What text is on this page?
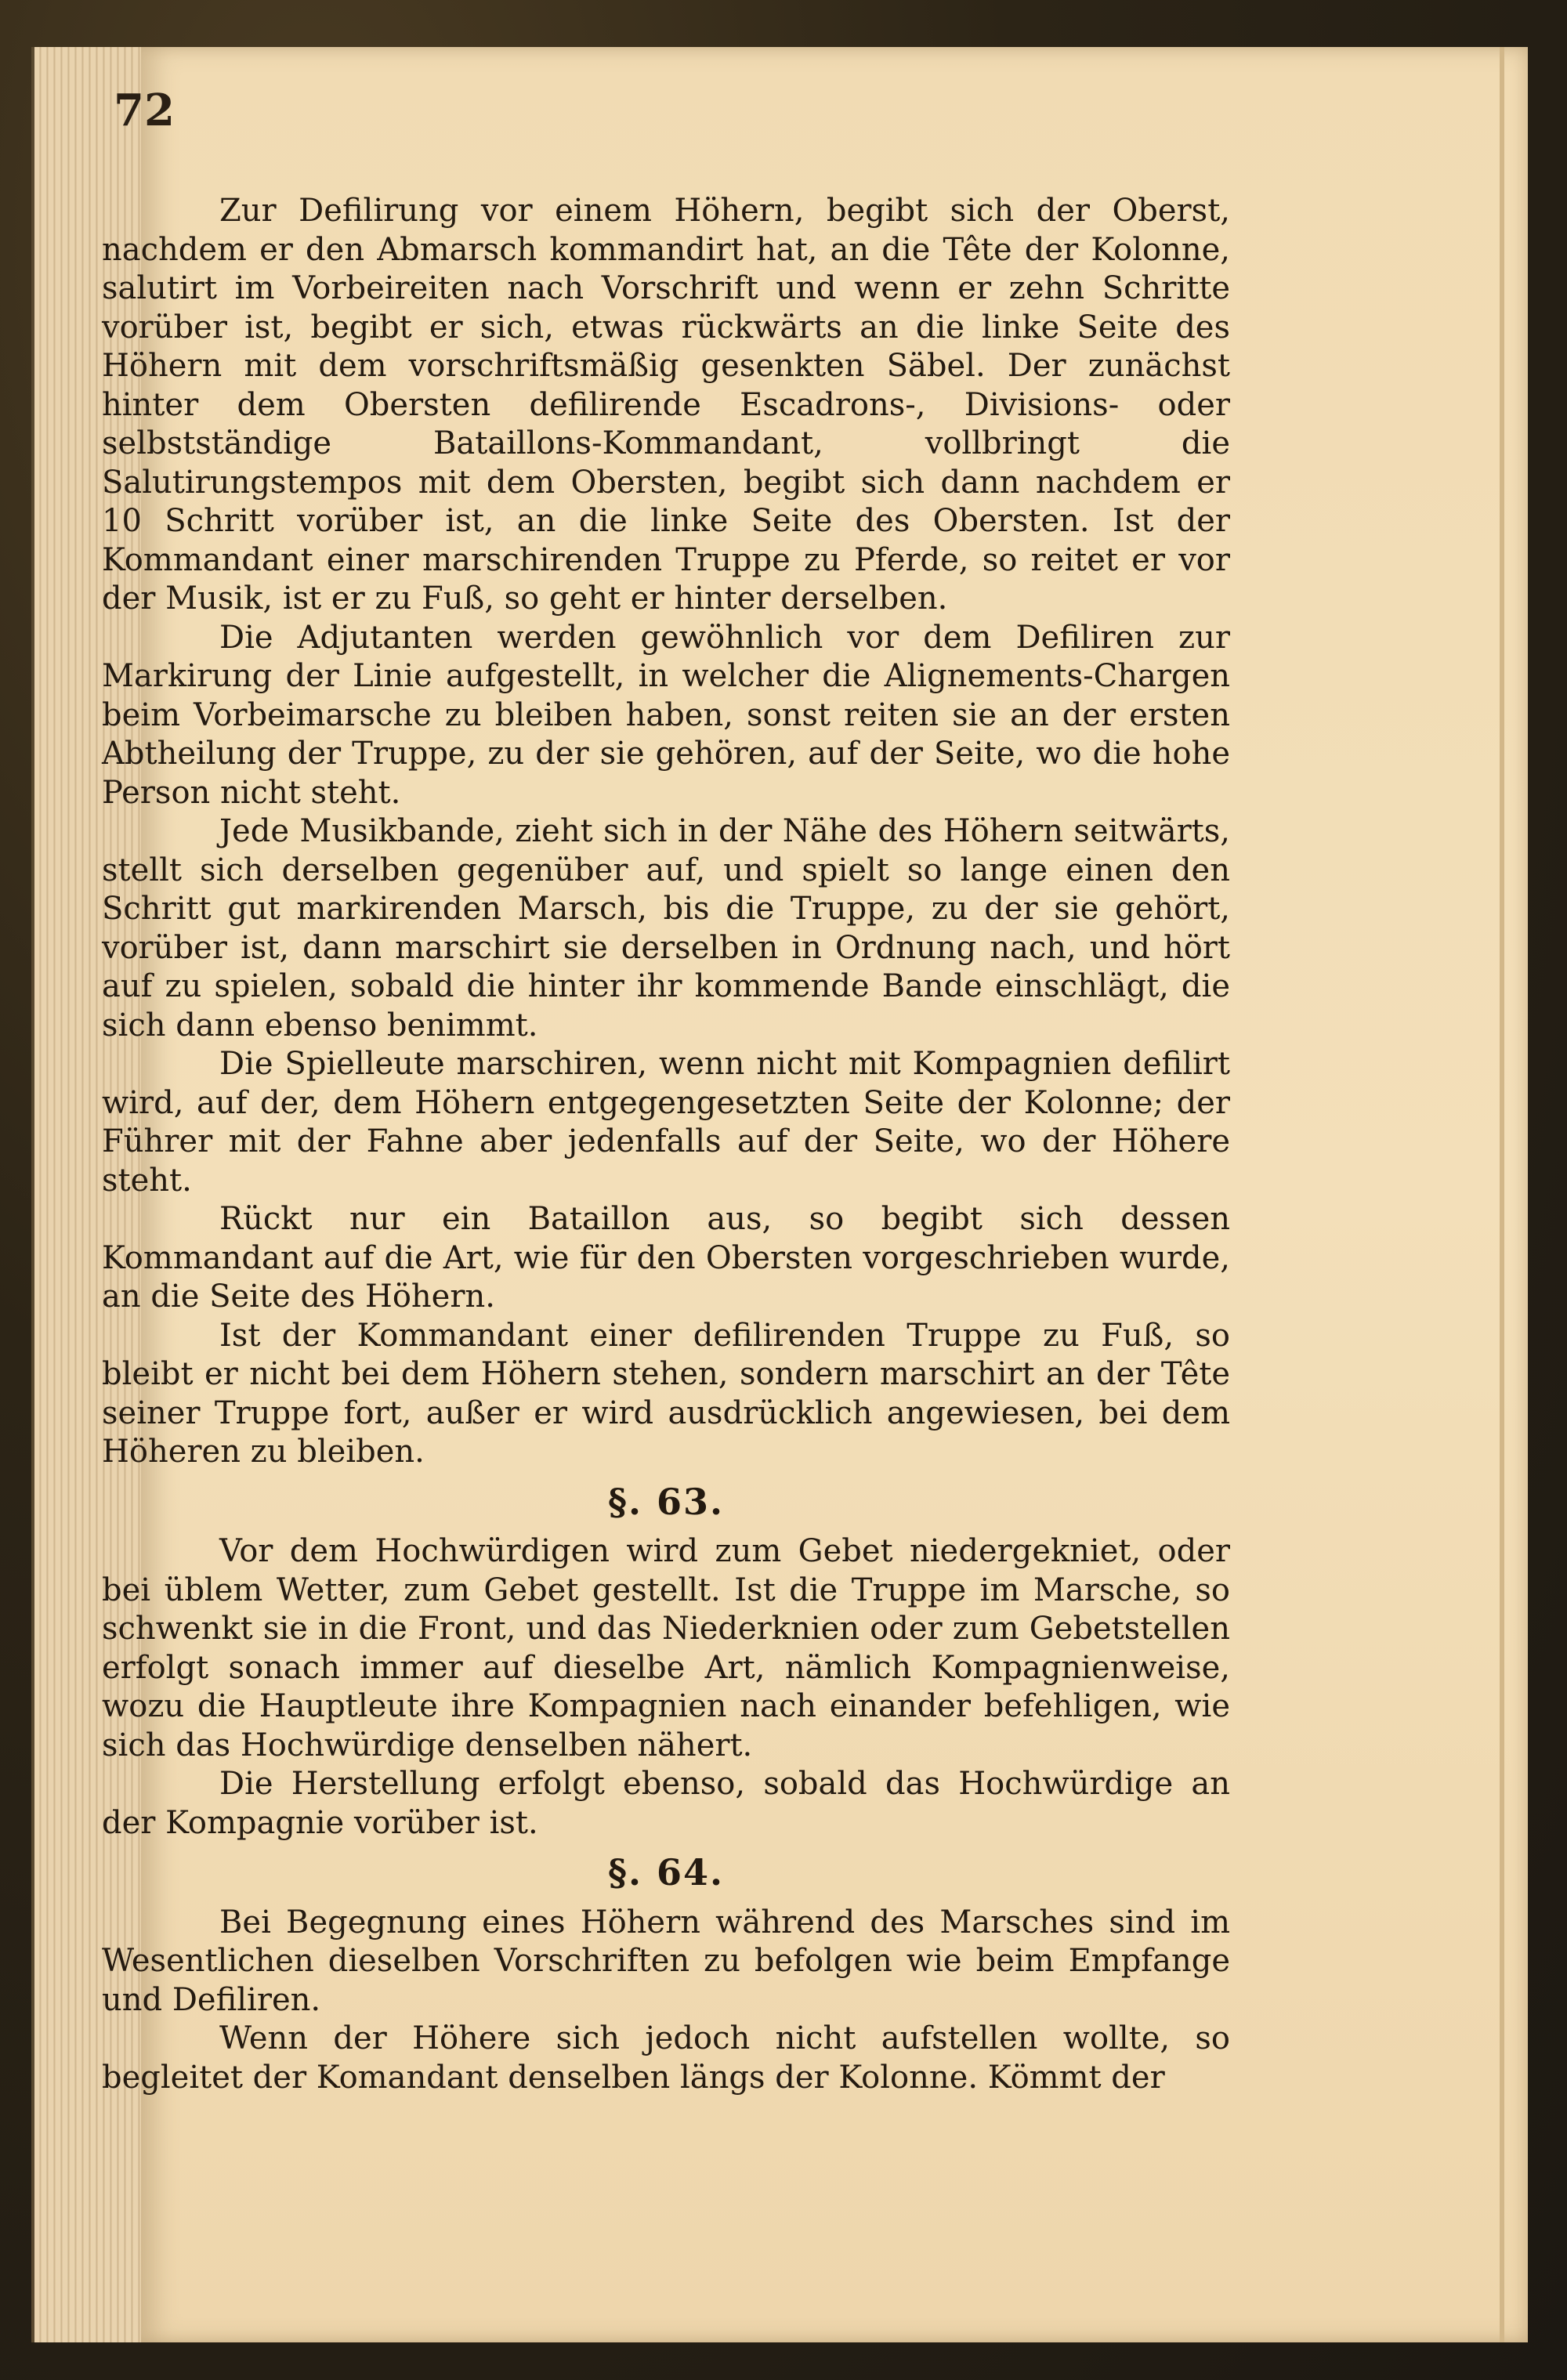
72

Zur Defilirung vor einem Höhern, begibt sich der Oberst, nachdem er den Abmarsch kommandirt hat, an die Tête der Kolonne, salutirt im Vorbeireiten nach Vorschrift und wenn er zehn Schritte vorüber ist, begibt er sich, etwas rückwärts an die linke Seite des Höhern mit dem vorschriftsmäßig gesenkten Säbel. Der zunächst hinter dem Obersten defilirende Escadrons-, Divisions- oder selbstständige Bataillons-Kommandant, vollbringt die Salutirungstempos mit dem Obersten, begibt sich dann nachdem er 10 Schritt vorüber ist, an die linke Seite des Obersten. Ist der Kommandant einer marschirenden Truppe zu Pferde, so reitet er vor der Musik, ist er zu Fuß, so geht er hinter derselben.

Die Adjutanten werden gewöhnlich vor dem Defiliren zur Markirung der Linie aufgestellt, in welcher die Alignements-Chargen beim Vorbeimarsche zu bleiben haben, sonst reiten sie an der ersten Abtheilung der Truppe, zu der sie gehören, auf der Seite, wo die hohe Person nicht steht.

Jede Musikbande, zieht sich in der Nähe des Höhern seitwärts, stellt sich derselben gegenüber auf, und spielt so lange einen den Schritt gut markirenden Marsch, bis die Truppe, zu der sie gehört, vorüber ist, dann marschirt sie derselben in Ordnung nach, und hört auf zu spielen, sobald die hinter ihr kommende Bande einschlägt, die sich dann ebenso benimmt.

Die Spielleute marschiren, wenn nicht mit Kompagnien defilirt wird, auf der, dem Höhern entgegengesetzten Seite der Kolonne; der Führer mit der Fahne aber jedenfalls auf der Seite, wo der Höhere steht.

Rückt nur ein Bataillon aus, so begibt sich dessen Kommandant auf die Art, wie für den Obersten vorgeschrieben wurde, an die Seite des Höhern.

Ist der Kommandant einer defilirenden Truppe zu Fuß, so bleibt er nicht bei dem Höhern stehen, sondern marschirt an der Tête seiner Truppe fort, außer er wird ausdrücklich angewiesen, bei dem Höheren zu bleiben.

§. 63.

Vor dem Hochwürdigen wird zum Gebet niedergekniet, oder bei üblem Wetter, zum Gebet gestellt. Ist die Truppe im Marsche, so schwenkt sie in die Front, und das Niederknien oder zum Gebetstellen erfolgt sonach immer auf dieselbe Art, nämlich Kompagnienweise, wozu die Hauptleute ihre Kompagnien nach einander befehligen, wie sich das Hochwürdige denselben nähert.

Die Herstellung erfolgt ebenso, sobald das Hochwürdige an der Kompagnie vorüber ist.

§. 64.

Bei Begegnung eines Höhern während des Marsches sind im Wesentlichen dieselben Vorschriften zu befolgen wie beim Empfange und Defiliren.

Wenn der Höhere sich jedoch nicht aufstellen wollte, so begleitet der Komandant denselben längs der Kolonne. Kömmt der
